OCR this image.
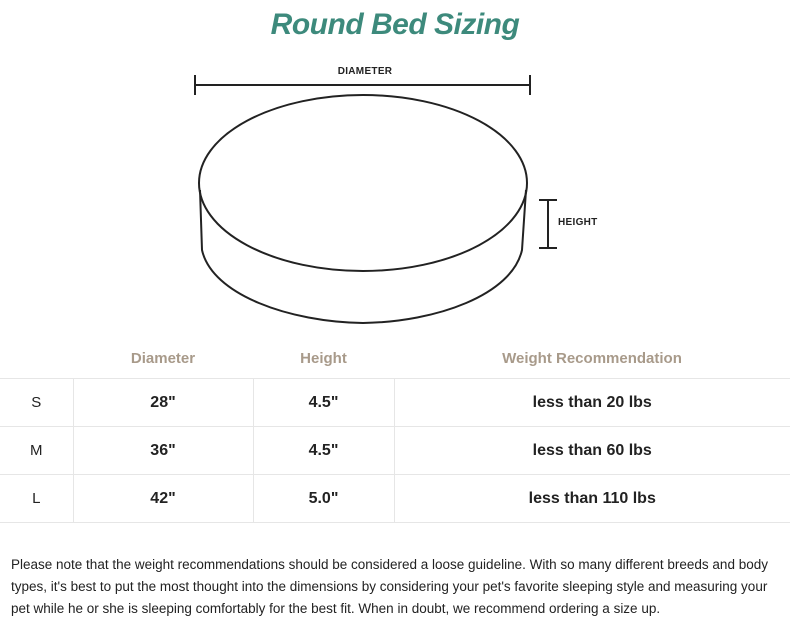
Round Bed Sizing
DIAMETER
HEIGHT
	Diameter	Height	Weight Recommendation
S	28"	4.5"	less than 20 lbs
M	36"	4.5"	less than 60 lbs
L	42"	5.0"	less than 110 lbs

Please note that the weight recommendations should be considered a loose guideline. With so many different breeds and body types, it's best to put the most thought into the dimensions by considering your pet's favorite sleeping style and measuring your pet while he or she is sleeping comfortably for the best fit. When in doubt, we recommend ordering a size up.
